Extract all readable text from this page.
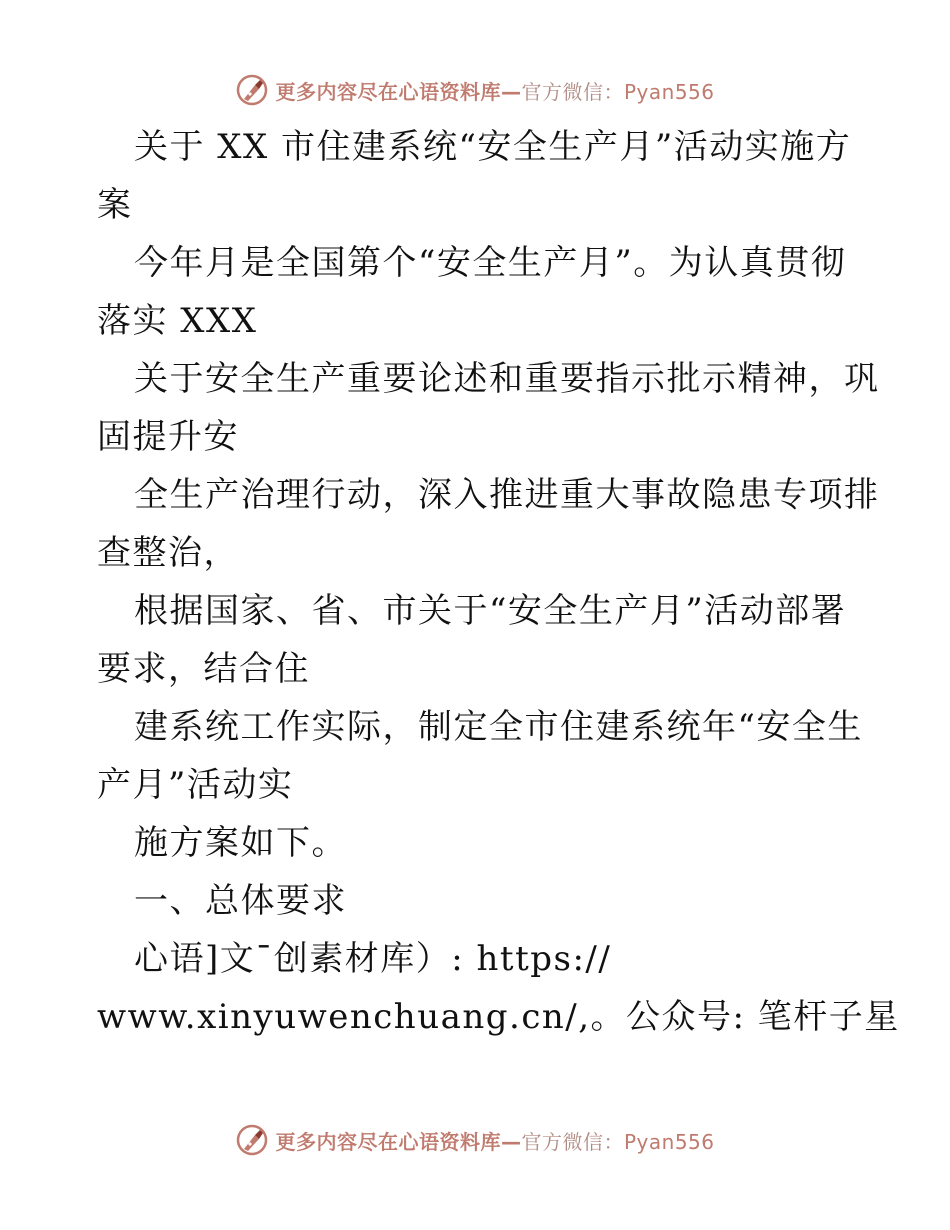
更多内容尽在心语资料库—官方微信：Pyan556
关于 XX 市住建系统“安全生产月”活动实施方
案
今年月是全国第个“安全生产月”。为认真贯彻
落实 XXX
关于安全生产重要论述和重要指示批示精神，巩
固提升安
全生产治理行动，深入推进重大事故隐患专项排
查整治，
根据国家、省、市关于“安全生产月”活动部署
要求，结合住
建系统工作实际，制定全市住建系统年“安全生
产月”活动实
施方案如下。
一、总体要求
心语]文¯创素材库）: https://
www.xinyuwenchuang.cn/,。公众号: 笔杆子星
更多内容尽在心语资料库—官方微信：Pyan556
